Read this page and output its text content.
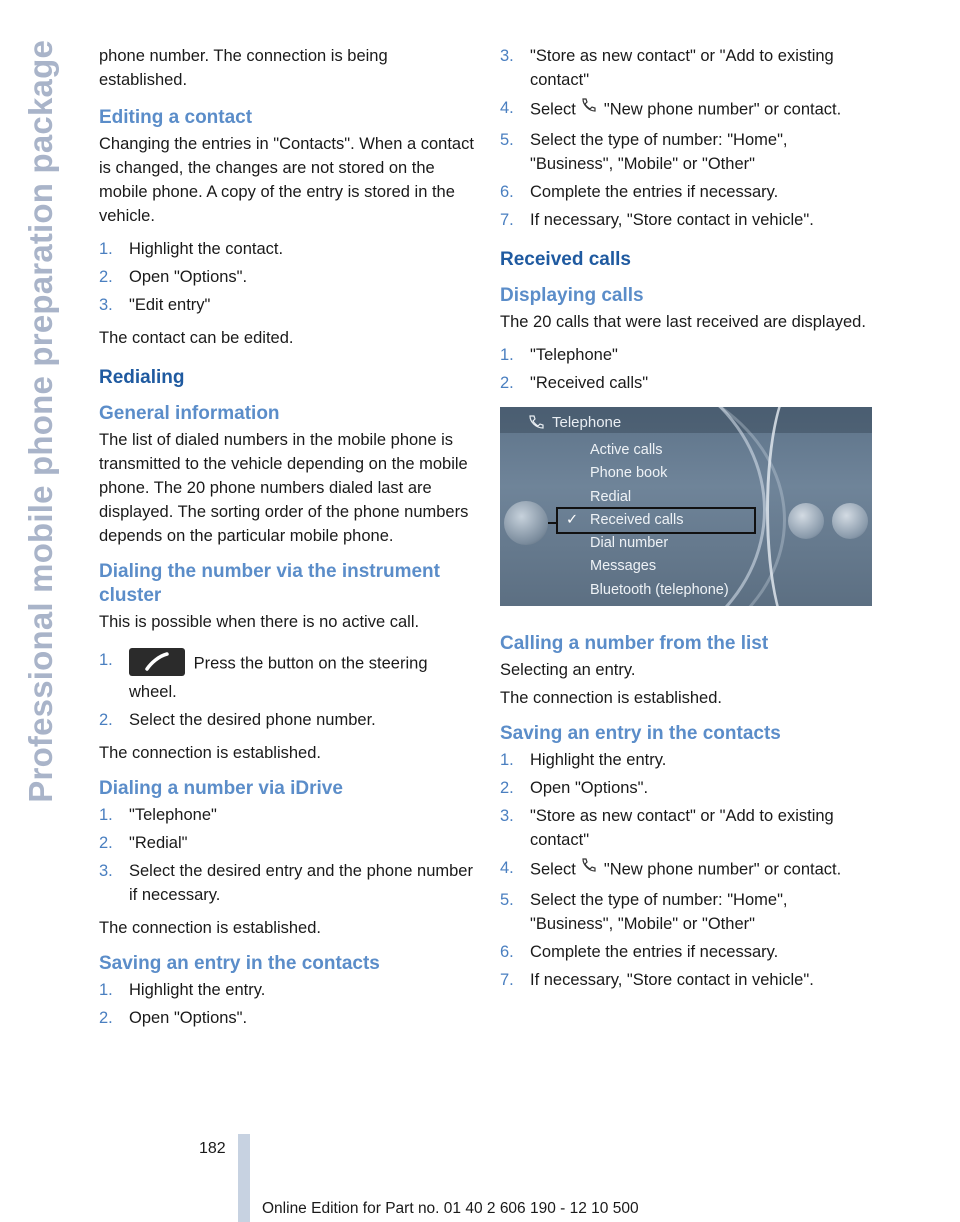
Professional mobile phone preparation package phone number. The connection is being established.

Editing a contact

Changing the entries in "Contacts". When a contact is changed, the changes are not stored on the mobile phone. A copy of the entry is stored in the vehicle.

1. Highlight the contact.
2. Open "Options".
3. "Edit entry"

The contact can be edited.

Redialing
General information

The list of dialed numbers in the mobile phone is transmitted to the vehicle depending on the mobile phone. The 20 phone numbers dialed last are displayed. The sorting order of the phone numbers depends on the particular mobile phone.

Dialing the number via the instrument cluster

This is possible when there is no active call.

1.	Press the button on the steering wheel.
2. Select the desired phone number.

The connection is established.

Dialing a number via iDrive
1. "Telephone"
2. "Redial"
3. Select the desired entry and the phone number if necessary.

The connection is established.

Saving an entry in the contacts
1. Highlight the entry.
2. Open "Options".
3. "Store as new contact" or "Add to existing contact"
4. Select "New phone number" or contact.
5. Select the type of number: "Home", "Business", "Mobile" or "Other"
6. Complete the entries if necessary.
7. If necessary, "Store contact in vehicle".
Received calls
Displaying calls

The 20 calls that were last received are displayed.

1. "Telephone"
2. "Received calls"
Telephone
Active calls
Phone book
Redial
✓ Received calls
Dial number
Messages
Bluetooth (telephone)
Calling a number from the list

Selecting an entry.

The connection is established.

Saving an entry in the contacts
1. Highlight the entry.
2. Open "Options".
3. "Store as new contact" or "Add to existing contact"
4. Select "New phone number" or contact.
5. Select the type of number: "Home", "Business", "Mobile" or "Other"
6. Complete the entries if necessary.
7. If necessary, "Store contact in vehicle".
182
Online Edition for Part no. 01 40 2 606 190 - 12 10 500
